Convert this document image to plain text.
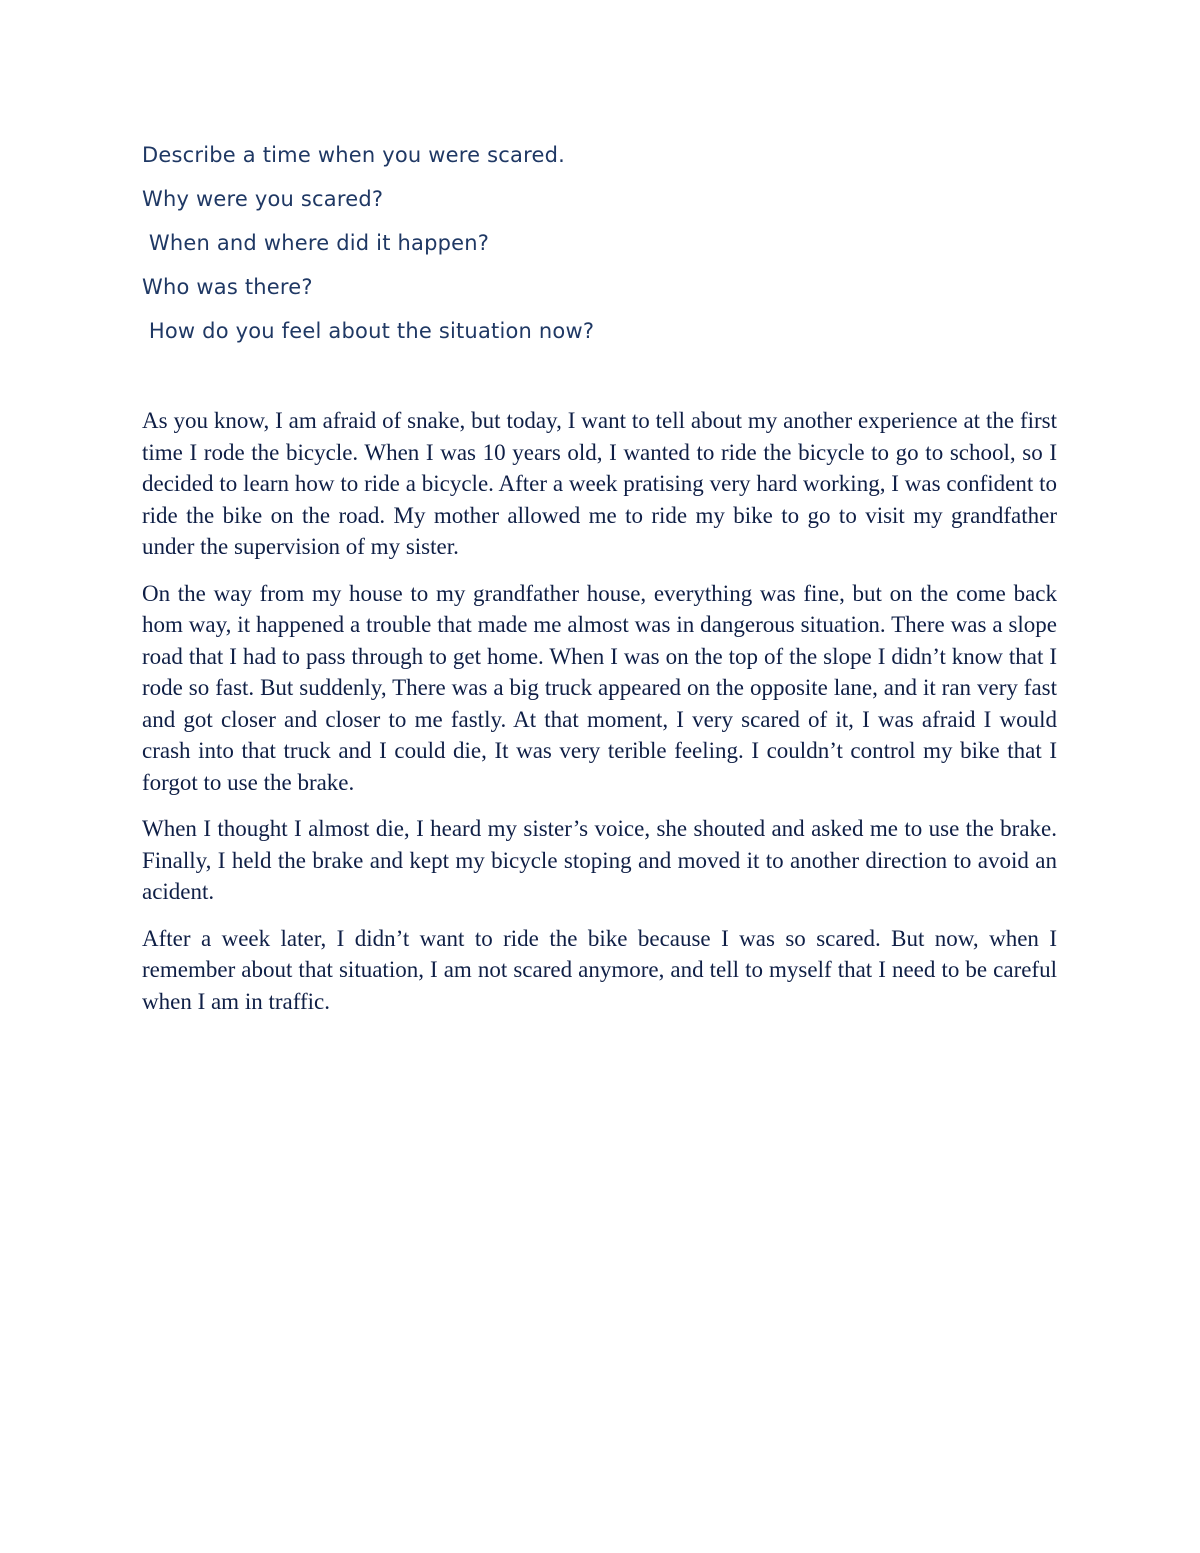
Describe a time when you were scared.

Why were you scared?

When and where did it happen?

Who was there?

How do you feel about the situation now?

As you know, I am afraid of snake, but today, I want to tell about my another experience at the first time I rode the bicycle. When I was 10 years old, I wanted to ride the bicycle to go to school, so I decided to learn how to ride a bicycle. After a week pratising very hard working, I was confident to ride the bike on the road. My mother allowed me to ride my bike to go to visit my grandfather under the supervision of my sister.

On the way from my house to my grandfather house, everything was fine, but on the come back hom way, it happened a trouble that made me almost was in dangerous situation. There was a slope road that I had to pass through to get home. When I was on the top of the slope I didn’t know that I rode so fast. But suddenly, There was a big truck appeared on the opposite lane, and it ran very fast and got closer and closer to me fastly. At that moment, I very scared of it, I was afraid I would crash into that truck and I could die, It was very terible feeling. I couldn’t control my bike that I forgot to use the brake.

When I thought I almost die, I heard my sister’s voice, she shouted and asked me to use the brake. Finally, I held the brake and kept my bicycle stoping and moved it to another direction to avoid an acident.

After a week later, I didn’t want to ride the bike because I was so scared. But now, when I remember about that situation, I am not scared anymore, and tell to myself that I need to be careful when I am in traffic.
